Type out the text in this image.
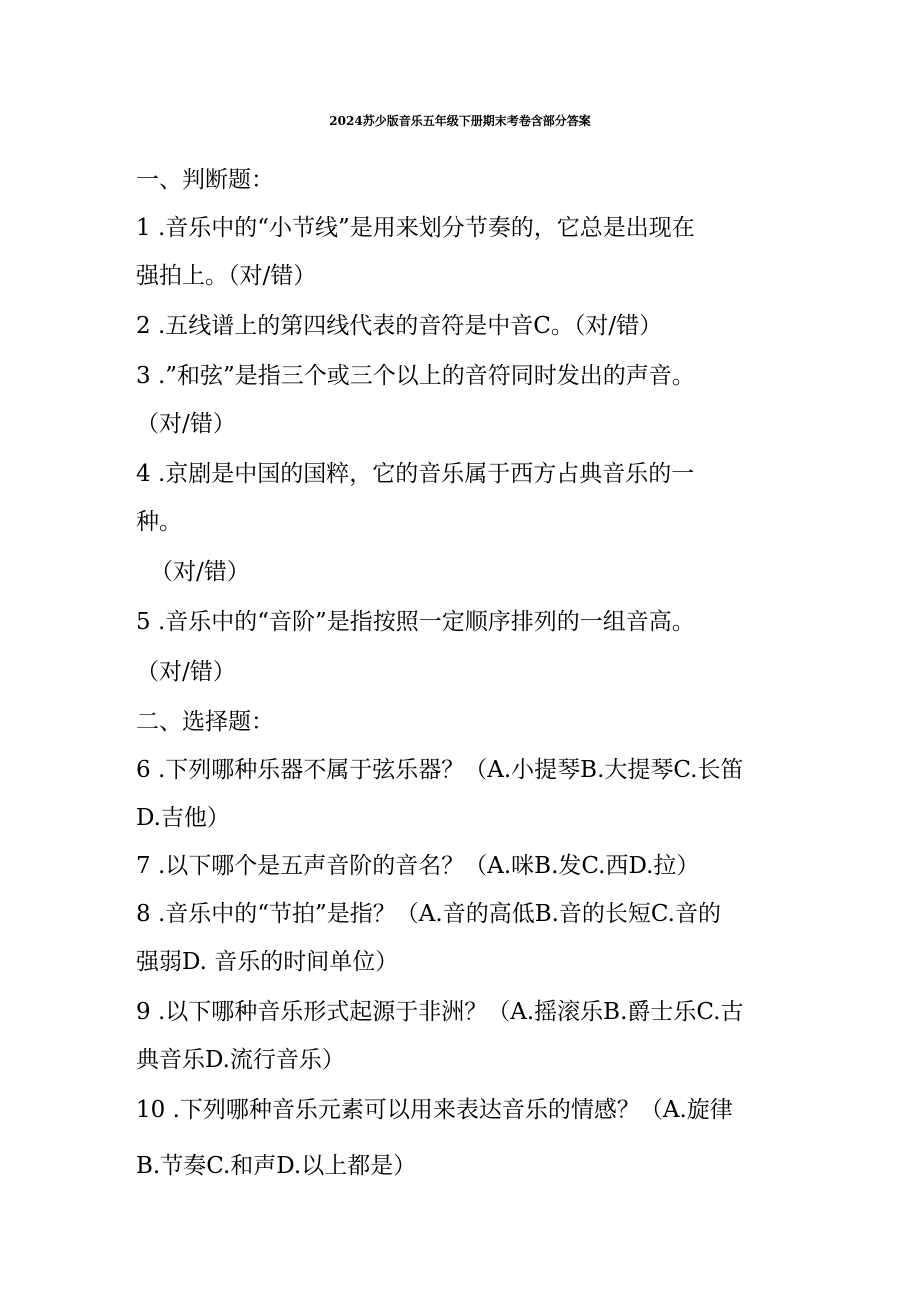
2024苏少版音乐五年级下册期末考卷含部分答案
一、判断题：
1 .音乐中的“小节线”是用来划分节奏的，它总是出现在
强拍上。（对/错）
2 .五线谱上的第四线代表的音符是中音C。（对/错）
3 .”和弦”是指三个或三个以上的音符同时发出的声音。
（对/错）
4 .京剧是中国的国粹，它的音乐属于西方占典音乐的一
种。
（对/错）
5 .音乐中的“音阶”是指按照一定顺序排列的一组音高。
（对/错）
二、选择题：
6 .下列哪种乐器不属于弦乐器？（A.小提琴B.大提琴C.长笛
D.吉他）
7 .以下哪个是五声音阶的音名？（A.咪B.发C.西D.拉）
8 .音乐中的“节拍”是指？（A.音的高低B.音的长短C.音的
强弱D. 音乐的时间单位）
9 .以下哪种音乐形式起源于非洲？（A.摇滚乐B.爵士乐C.古
典音乐D.流行音乐）
10 .下列哪种音乐元素可以用来表达音乐的情感？（A.旋律
B.节奏C.和声D.以上都是）
